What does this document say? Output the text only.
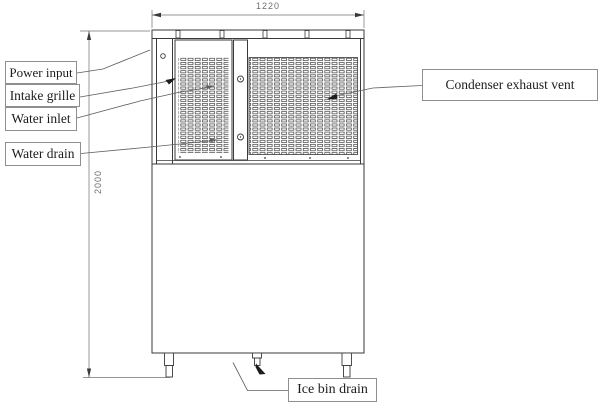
Power input
Intake grille
Water inlet
Water drain
Condenser exhaust vent
Ice bin drain
1220
2000
